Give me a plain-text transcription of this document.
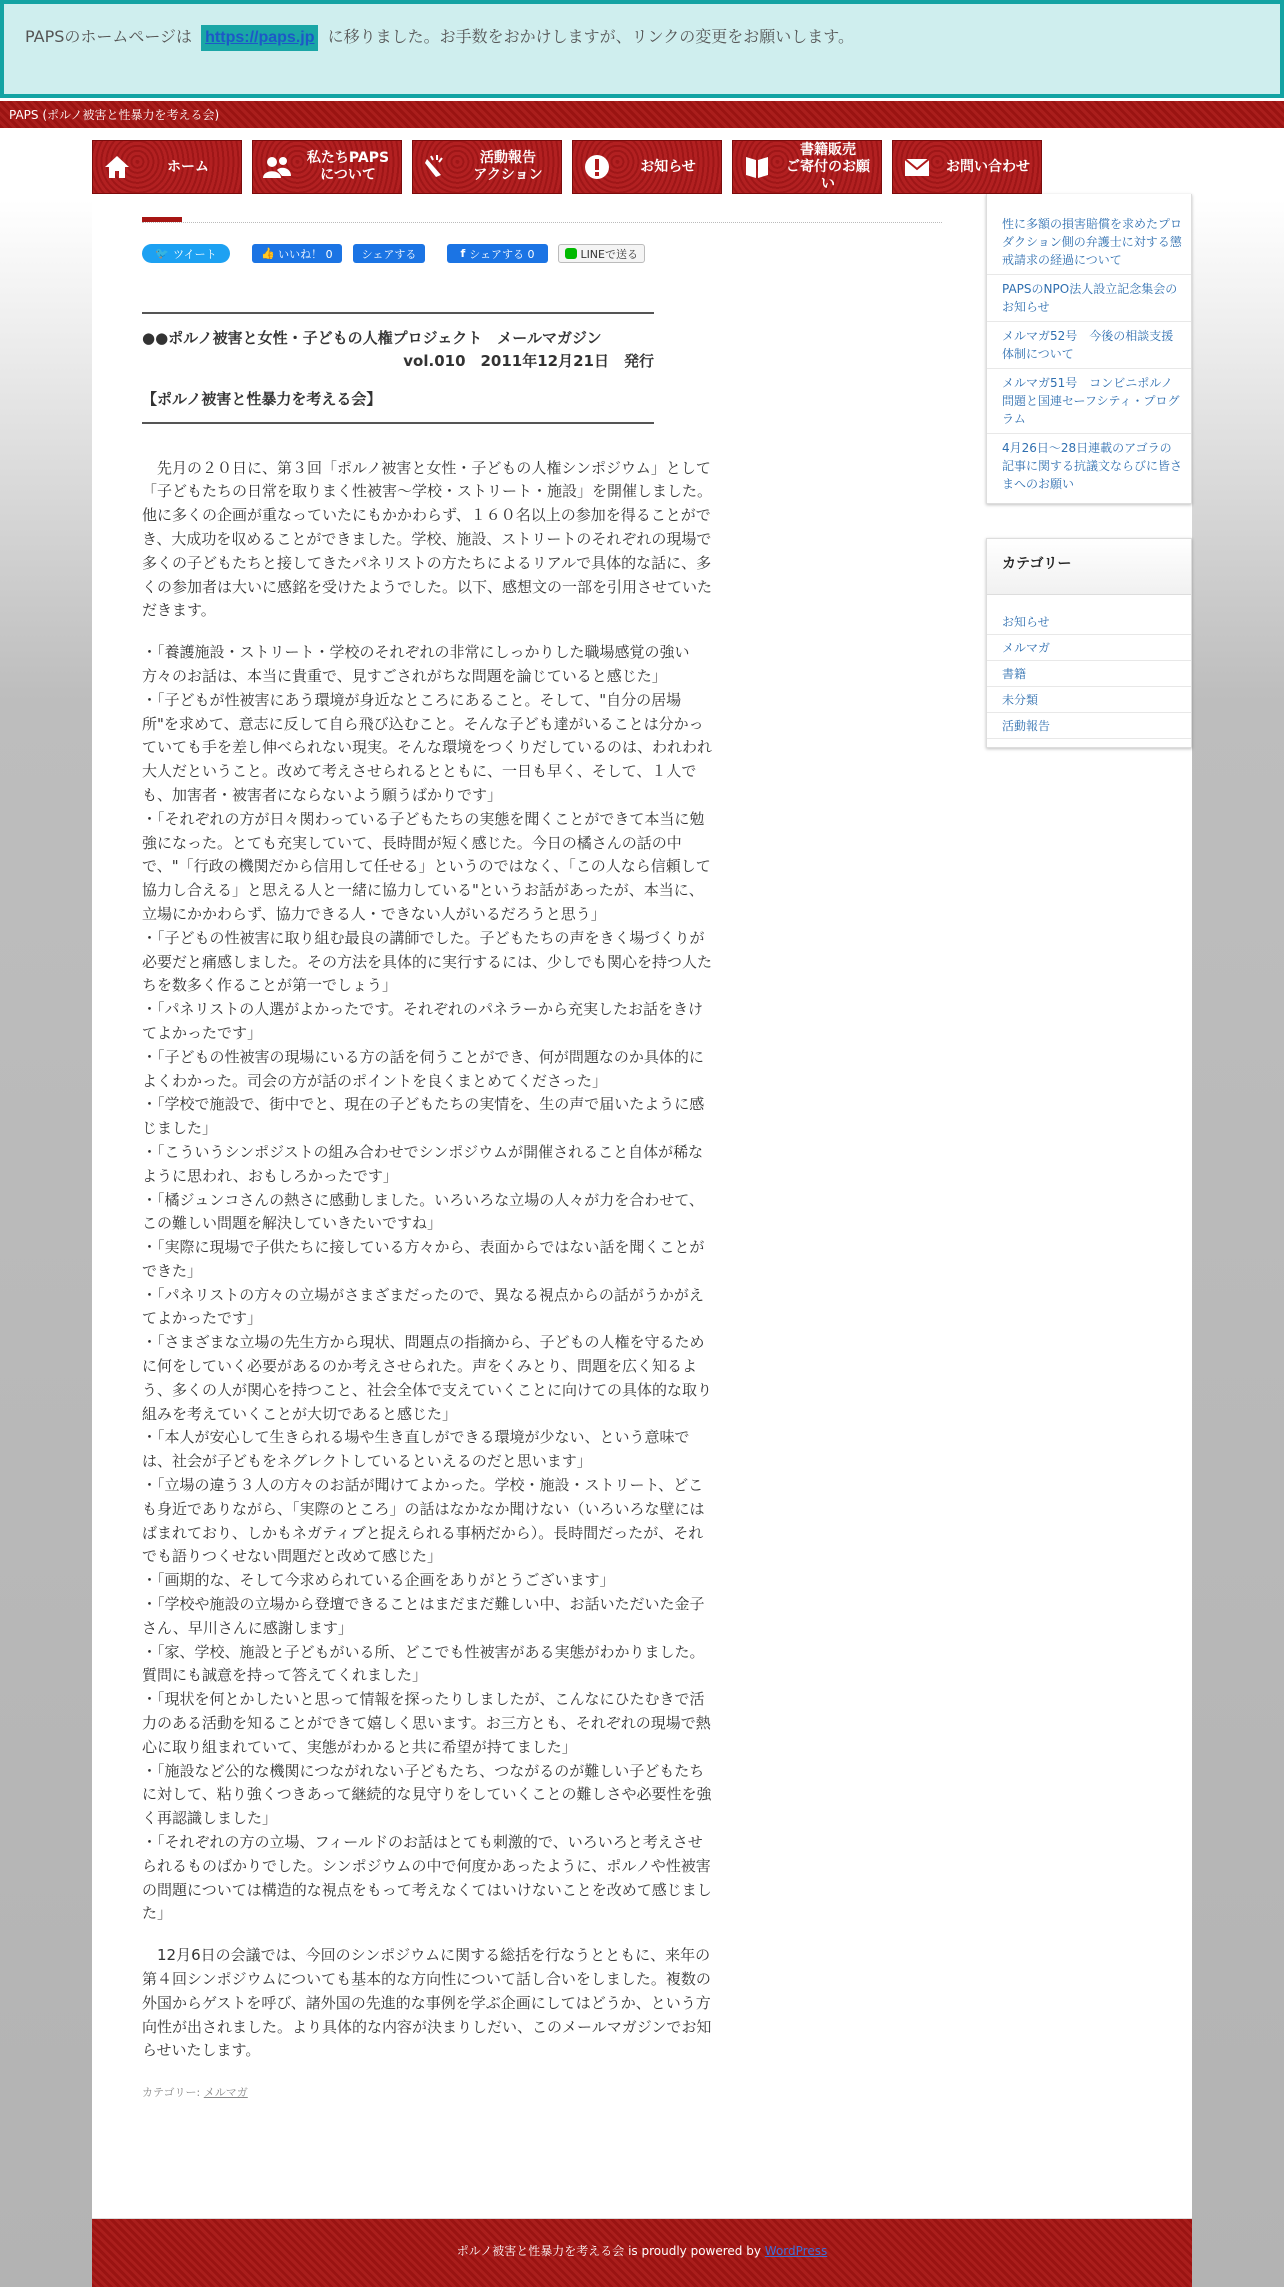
PAPSのホームページは https://paps.jp に移りました。お手数をおかけしますが、リンクの変更をお願いします。
PAPS (ポルノ被害と性暴力を考える会)
ホーム
私たちPAPS
について
活動報告
アクション
お知らせ
書籍販売
ご寄付のお願い
お問い合わせ
🐦 ツイート	👍 いいね！ 0	シェアする	f シェアする 0	LINEで送る
●●ポルノ被害と女性・子どもの人権プロジェクト　メールマガジン
vol.010　2011年12月21日　発行
【ポルノ被害と性暴力を考える会】

先月の２０日に、第３回「ポルノ被害と女性・子どもの人権シンポジウム」として「子どもたちの日常を取りまく性被害～学校・ストリート・施設」を開催しました。他に多くの企画が重なっていたにもかかわらず、１６０名以上の参加を得ることができ、大成功を収めることができました。学校、施設、ストリートのそれぞれの現場で多くの子どもたちと接してきたパネリストの方たちによるリアルで具体的な話に、多くの参加者は大いに感銘を受けたようでした。以下、感想文の一部を引用させていただきます。

・「養護施設・ストリート・学校のそれぞれの非常にしっかりした職場感覚の強い方々のお話は、本当に貴重で、見すごされがちな問題を論じていると感じた」

・「子どもが性被害にあう環境が身近なところにあること。そして、"自分の居場所"を求めて、意志に反して自ら飛び込むこと。そんな子ども達がいることは分かっていても手を差し伸べられない現実。そんな環境をつくりだしているのは、われわれ大人だということ。改めて考えさせられるとともに、一日も早く、そして、１人でも、加害者・被害者にならないよう願うばかりです」

・「それぞれの方が日々関わっている子どもたちの実態を聞くことができて本当に勉強になった。とても充実していて、長時間が短く感じた。今日の橘さんの話の中で、"「行政の機関だから信用して任せる」というのではなく、「この人なら信頼して協力し合える」と思える人と一緒に協力している"というお話があったが、本当に、立場にかかわらず、協力できる人・できない人がいるだろうと思う」

・「子どもの性被害に取り組む最良の講師でした。子どもたちの声をきく場づくりが必要だと痛感しました。その方法を具体的に実行するには、少しでも関心を持つ人たちを数多く作ることが第一でしょう」

・「パネリストの人選がよかったです。それぞれのパネラーから充実したお話をきけてよかったです」

・「子どもの性被害の現場にいる方の話を伺うことができ、何が問題なのか具体的によくわかった。司会の方が話のポイントを良くまとめてくださった」

・「学校で施設で、街中でと、現在の子どもたちの実情を、生の声で届いたように感じました」

・「こういうシンポジストの組み合わせでシンポジウムが開催されること自体が稀なように思われ、おもしろかったです」

・「橘ジュンコさんの熱さに感動しました。いろいろな立場の人々が力を合わせて、この難しい問題を解決していきたいですね」

・「実際に現場で子供たちに接している方々から、表面からではない話を聞くことができた」

・「パネリストの方々の立場がさまざまだったので、異なる視点からの話がうかがえてよかったです」

・「さまざまな立場の先生方から現状、問題点の指摘から、子どもの人権を守るために何をしていく必要があるのか考えさせられた。声をくみとり、問題を広く知るよう、多くの人が関心を持つこと、社会全体で支えていくことに向けての具体的な取り組みを考えていくことが大切であると感じた」

・「本人が安心して生きられる場や生き直しができる環境が少ない、という意味では、社会が子どもをネグレクトしているといえるのだと思います」

・「立場の違う３人の方々のお話が聞けてよかった。学校・施設・ストリート、どこも身近でありながら、「実際のところ」の話はなかなか聞けない（いろいろな壁にはばまれており、しかもネガティブと捉えられる事柄だから）。長時間だったが、それでも語りつくせない問題だと改めて感じた」

・「画期的な、そして今求められている企画をありがとうございます」

・「学校や施設の立場から登壇できることはまだまだ難しい中、お話いただいた金子さん、早川さんに感謝します」

・「家、学校、施設と子どもがいる所、どこでも性被害がある実態がわかりました。質問にも誠意を持って答えてくれました」

・「現状を何とかしたいと思って情報を探ったりしましたが、こんなにひたむきで活力のある活動を知ることができて嬉しく思います。お三方とも、それぞれの現場で熱心に取り組まれていて、実態がわかると共に希望が持てました」

・「施設など公的な機関につながれない子どもたち、つながるのが難しい子どもたちに対して、粘り強くつきあって継続的な見守りをしていくことの難しさや必要性を強く再認識しました」

・「それぞれの方の立場、フィールドのお話はとても刺激的で、いろいろと考えさせられるものばかりでした。シンポジウムの中で何度かあったように、ポルノや性被害の問題については構造的な視点をもって考えなくてはいけないことを改めて感じました」

12月6日の会議では、今回のシンポジウムに関する総括を行なうとともに、来年の第４回シンポジウムについても基本的な方向性について話し合いをしました。複数の外国からゲストを呼び、諸外国の先進的な事例を学ぶ企画にしてはどうか、という方向性が出されました。より具体的な内容が決まりしだい、このメールマガジンでお知らせいたします。

カテゴリー: メルマガ
性に多額の損害賠償を求めたプロダクション側の弁護士に対する懲戒請求の経過について
PAPSのNPO法人設立記念集会のお知らせ
メルマガ52号　今後の相談支援体制について
メルマガ51号　コンビニポルノ問題と国連セーフシティ・プログラム
4月26日〜28日連載のアゴラの記事に関する抗議文ならびに皆さまへのお願い
カテゴリー
お知らせ
メルマガ
書籍
未分類
活動報告
ポルノ被害と性暴力を考える会 is proudly powered by WordPress
